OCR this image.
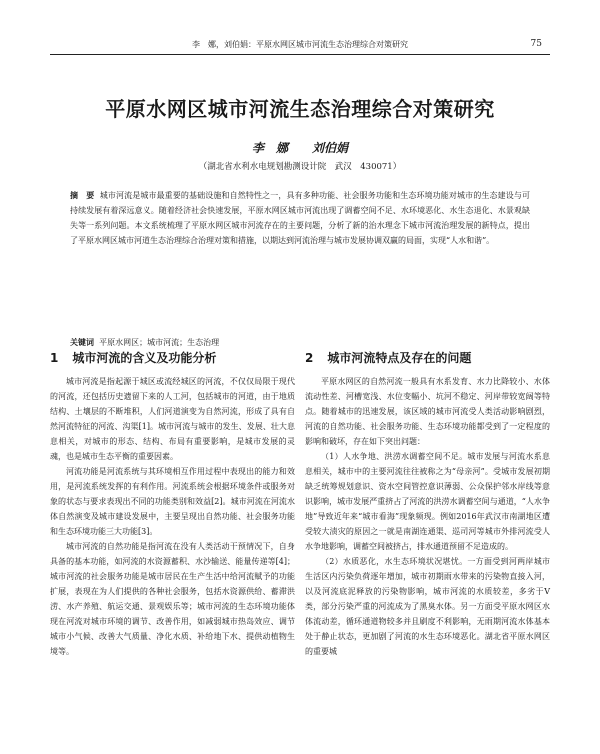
李　娜，刘伯娟：平原水网区城市河流生态治理综合对策研究	75
平原水网区城市河流生态治理综合对策研究
李　娜　　刘伯娟
（湖北省水利水电规划勘测设计院　武汉　430071）
摘　要 城市河流是城市最重要的基础设施和自然特性之一，具有多种功能、社会服务功能和生态环境功能对城市的生态建设与可持续发展有着深远意义。随着经济社会快速发展，平原水网区城市河流出现了调蓄空间不足、水环境恶化、水生态退化、水景观缺失等一系列问题。本文系统梳理了平原水网区城市河流存在的主要问题，分析了新的治水理念下城市河流治理发展的新特点，提出了平原水网区城市河道生态治理综合治理对策和措施，以期达到河流治理与城市发展协调双赢的局面，实现“人水和谐”。
关键词 平原水网区；城市河流；生态治理
1 城市河流的含义及功能分析

城市河流是指起源于城区或流经城区的河流，不仅仅局限于现代的河流，还包括历史遗留下来的人工河，包括城市的河道，由于地质结构、土壤层的不断堆积，人们河道演变为自然河流，形成了具有自然河流特征的河流、沟渠[1]。城市河流与城市的发生、发展、壮大息息相关，对城市的形态、结构、布局有重要影响，是城市发展的灵魂，也是城市生态平衡的重要因素。

河流功能是河流系统与其环境相互作用过程中表现出的能力和效用，是河流系统发挥的有利作用。河流系统会根据环境条件或服务对象的状态与要求表现出不同的功能类别和效益[2]。城市河流在河流水体自然演变及城市建设发展中，主要呈现出自然功能、社会服务功能和生态环境功能三大功能[3]。

城市河流的自然功能是指河流在没有人类活动干预情况下，自身具备的基本功能，如河流的水资源蓄积、水沙输送、能量传递等[4]；城市河流的社会服务功能是城市居民在生产生活中给河流赋予的功能扩展，表现在为人们提供的各种社会服务，包括水资源供给、蓄滞洪涝、水产养殖、航运交通、景观娱乐等；城市河流的生态环境功能体现在河流对城市环境的调节、改善作用，如减弱城市热岛效应、调节城市小气候、改善大气质量、净化水质、补给地下水、提供动植物生境等。

2 城市河流特点及存在的问题

平原水网区的自然河流一般具有水系发育、水力比降较小、水体流动性差、河槽宽浅、水位变幅小、坑河不稳定、河岸带较宽阔等特点。随着城市的迅速发展，该区域的城市河流受人类活动影响剧烈，河流的自然功能、社会服务功能、生态环境功能都受到了一定程度的影响和破坏，存在如下突出问题：

（1）人水争地、洪涝水调蓄空间不足。城市发展与河流水系息息相关，城市中的主要河流往往被称之为“母亲河”。受城市发展初期缺乏统筹规划意识、资水空间管控意识薄弱、公众保护邻水岸线等意识影响，城市发展严重挤占了河流的洪涝水调蓄空间与通道，“人水争地”导致近年来“城市看海”现象频现。例如2016年武汉市南湖地区遭受较大渍灾的原因之一就是南湖连通渠、巡司河等城市外排河流受人水争地影响，调蓄空间被挤占，排水通道预留不足造成的。

（2）水质恶化，水生态环境状况堪忧。一方面受到河两岸城市生活区内污染负荷逐年增加，城市初期雨水带来的污染物直接入河，以及河流底泥释放的污染物影响，城市河流的水质较差，多劣于Ⅴ类，部分污染严重的河流成为了黑臭水体。另一方面受平原水网区水体流动差，循环通道物较多并且刷度不利影响，无雨期河流水体基本处于静止状态，更加剧了河流的水生态环境恶化。湖北省平原水网区的重要城
